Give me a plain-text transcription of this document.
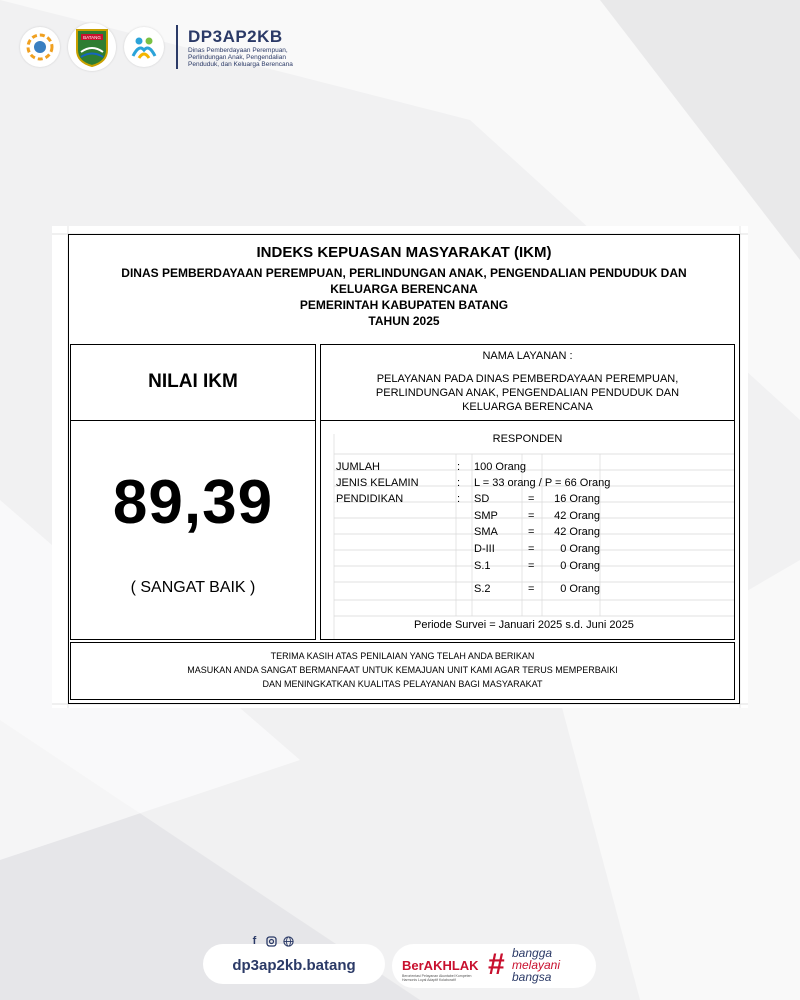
BATANG	DP3AP2KB
Dinas Pemberdayaan Perempuan, Perlindungan Anak, Pengendalian Penduduk, dan Keluarga Berencana
INDEKS KEPUASAN MASYARAKAT (IKM)
DINAS PEMBERDAYAAN PEREMPUAN, PERLINDUNGAN ANAK, PENGENDALIAN PENDUDUK DAN KELUARGA BERENCANA
PEMERINTAH KABUPATEN BATANG
TAHUN 2025
NILAI IKM
89,39
( SANGAT BAIK )
NAMA LAYANAN :
PELAYANAN PADA DINAS PEMBERDAYAAN PEREMPUAN, PERLINDUNGAN ANAK, PENGENDALIAN PENDUDUK DAN KELUARGA BERENCANA
RESPONDEN
JUMLAH	: 100 Orang
JENIS KELAMIN	: L = 33 orang / P = 66 Orang
PENDIDIKAN	: SD	=	16 Orang
SMP	=	42 Orang
SMA	=	42 Orang
D-III	=	0 Orang
S.1	=	0 Orang
S.2	=	0 Orang
Periode Survei = Januari 2025 s.d. Juni 2025
TERIMA KASIH ATAS PENILAIAN YANG TELAH ANDA BERIKAN
MASUKAN ANDA SANGAT BERMANFAAT UNTUK KEMAJUAN UNIT KAMI AGAR TERUS MEMPERBAIKI
DAN MENINGKATKAN KUALITAS PELAYANAN BAGI MASYARAKAT
f
dp3ap2kb.batang	BerAKHLAK
Berorientasi Pelayanan Akuntabel Kompeten Harmonis Loyal Adaptif Kolaboratif	# bangga
melayani
bangsa
